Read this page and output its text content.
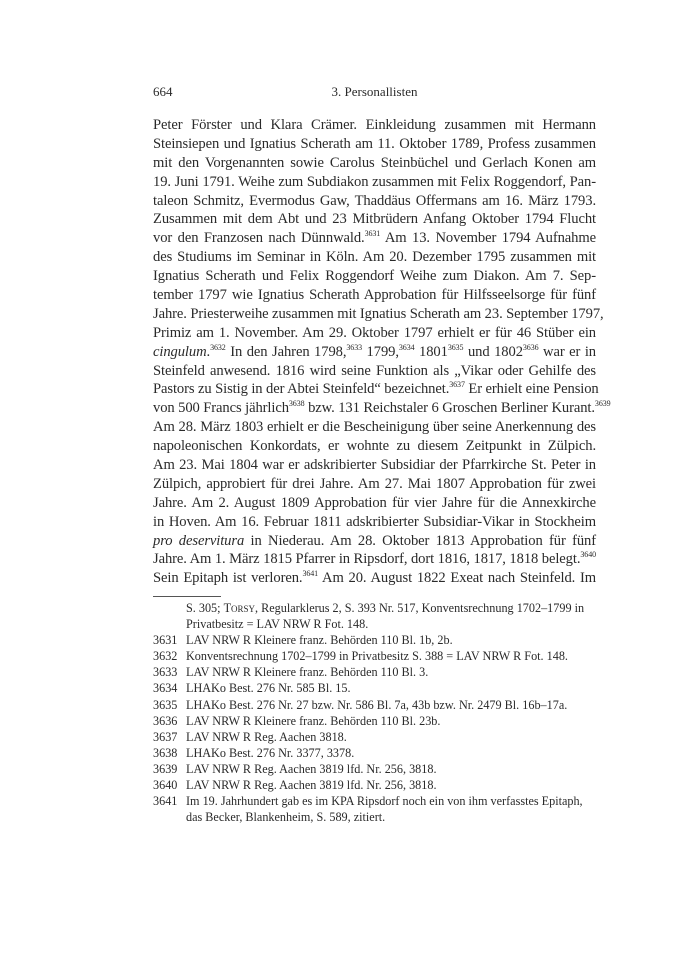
664	3. Personallisten
Peter Förster und Klara Crämer. Einkleidung zusammen mit Hermann
Steinsiepen und Ignatius Scherath am 11. Oktober 1789, Profess zusammen
mit den Vorgenannten sowie Carolus Steinbüchel und Gerlach Konen am
19. Juni 1791. Weihe zum Subdiakon zusammen mit Felix Roggendorf, Pan-
taleon Schmitz, Evermodus Gaw, Thaddäus Offermans am 16. März 1793.
Zusammen mit dem Abt und 23 Mitbrüdern Anfang Oktober 1794 Flucht
vor den Franzosen nach Dünnwald.$^{3631}$ Am 13. November 1794 Aufnahme
des Studiums im Seminar in Köln. Am 20. Dezember 1795 zusammen mit
Ignatius Scherath und Felix Roggendorf Weihe zum Diakon. Am 7. Sep-
tember 1797 wie Ignatius Scherath Approbation für Hilfsseelsorge für fünf
Jahre. Priesterweihe zusammen mit Ignatius Scherath am 23. September 1797,
Primiz am 1. November. Am 29. Oktober 1797 erhielt er für 46 Stüber ein
cingulum.$^{3632}$ In den Jahren 1798,$^{3633}$ 1799,$^{3634}$ $1801^{3635}$ und $1802^{3636}$ war er in
Steinfeld anwesend. 1816 wird seine Funktion als „Vikar oder Gehilfe des
Pastors zu Sistig in der Abtei Steinfeld“ bezeichnet.$^{3637}$ Er erhielt eine Pension
von 500 Francs jährlich$^{3638}$ bzw. 131 Reichstaler 6 Groschen Berliner Kurant.$^{3639}$
Am 28. März 1803 erhielt er die Bescheinigung über seine Anerkennung des
napoleonischen Konkordats, er wohnte zu diesem Zeitpunkt in Zülpich.
Am 23. Mai 1804 war er adskribierter Subsidiar der Pfarrkirche St. Peter in
Zülpich, approbiert für drei Jahre. Am 27. Mai 1807 Approbation für zwei
Jahre. Am 2. August 1809 Approbation für vier Jahre für die Annexkirche
in Hoven. Am 16. Februar 1811 adskribierter Subsidiar-Vikar in Stockheim
pro deservitura in Niederau. Am 28. Oktober 1813 Approbation für fünf
Jahre. Am 1. März 1815 Pfarrer in Ripsdorf, dort 1816, 1817, 1818 belegt.$^{3640}$
Sein Epitaph ist verloren.$^{3641}$ Am 20. August 1822 Exeat nach Steinfeld. Im
S. 305; Torsy, Regularklerus 2, S. 393 Nr. 517, Konventsrechnung 1702–1799 in
Privatbesitz = LAV NRW R Fot. 148.
3631 LAV NRW R Kleinere franz. Behörden 110 Bl. 1b, 2b.
3632 Konventsrechnung 1702–1799 in Privatbesitz S. 388 = LAV NRW R Fot. 148.
3633 LAV NRW R Kleinere franz. Behörden 110 Bl. 3.
3634 LHAKo Best. 276 Nr. 585 Bl. 15.
3635 LHAKo Best. 276 Nr. 27 bzw. Nr. 586 Bl. 7a, 43b bzw. Nr. 2479 Bl. 16b–17a.
3636 LAV NRW R Kleinere franz. Behörden 110 Bl. 23b.
3637 LAV NRW R Reg. Aachen 3818.
3638 LHAKo Best. 276 Nr. 3377, 3378.
3639 LAV NRW R Reg. Aachen 3819 lfd. Nr. 256, 3818.
3640 LAV NRW R Reg. Aachen 3819 lfd. Nr. 256, 3818.
3641 Im 19. Jahrhundert gab es im KPA Ripsdorf noch ein von ihm verfasstes Epitaph,
das Becker, Blankenheim, S. 589, zitiert.
